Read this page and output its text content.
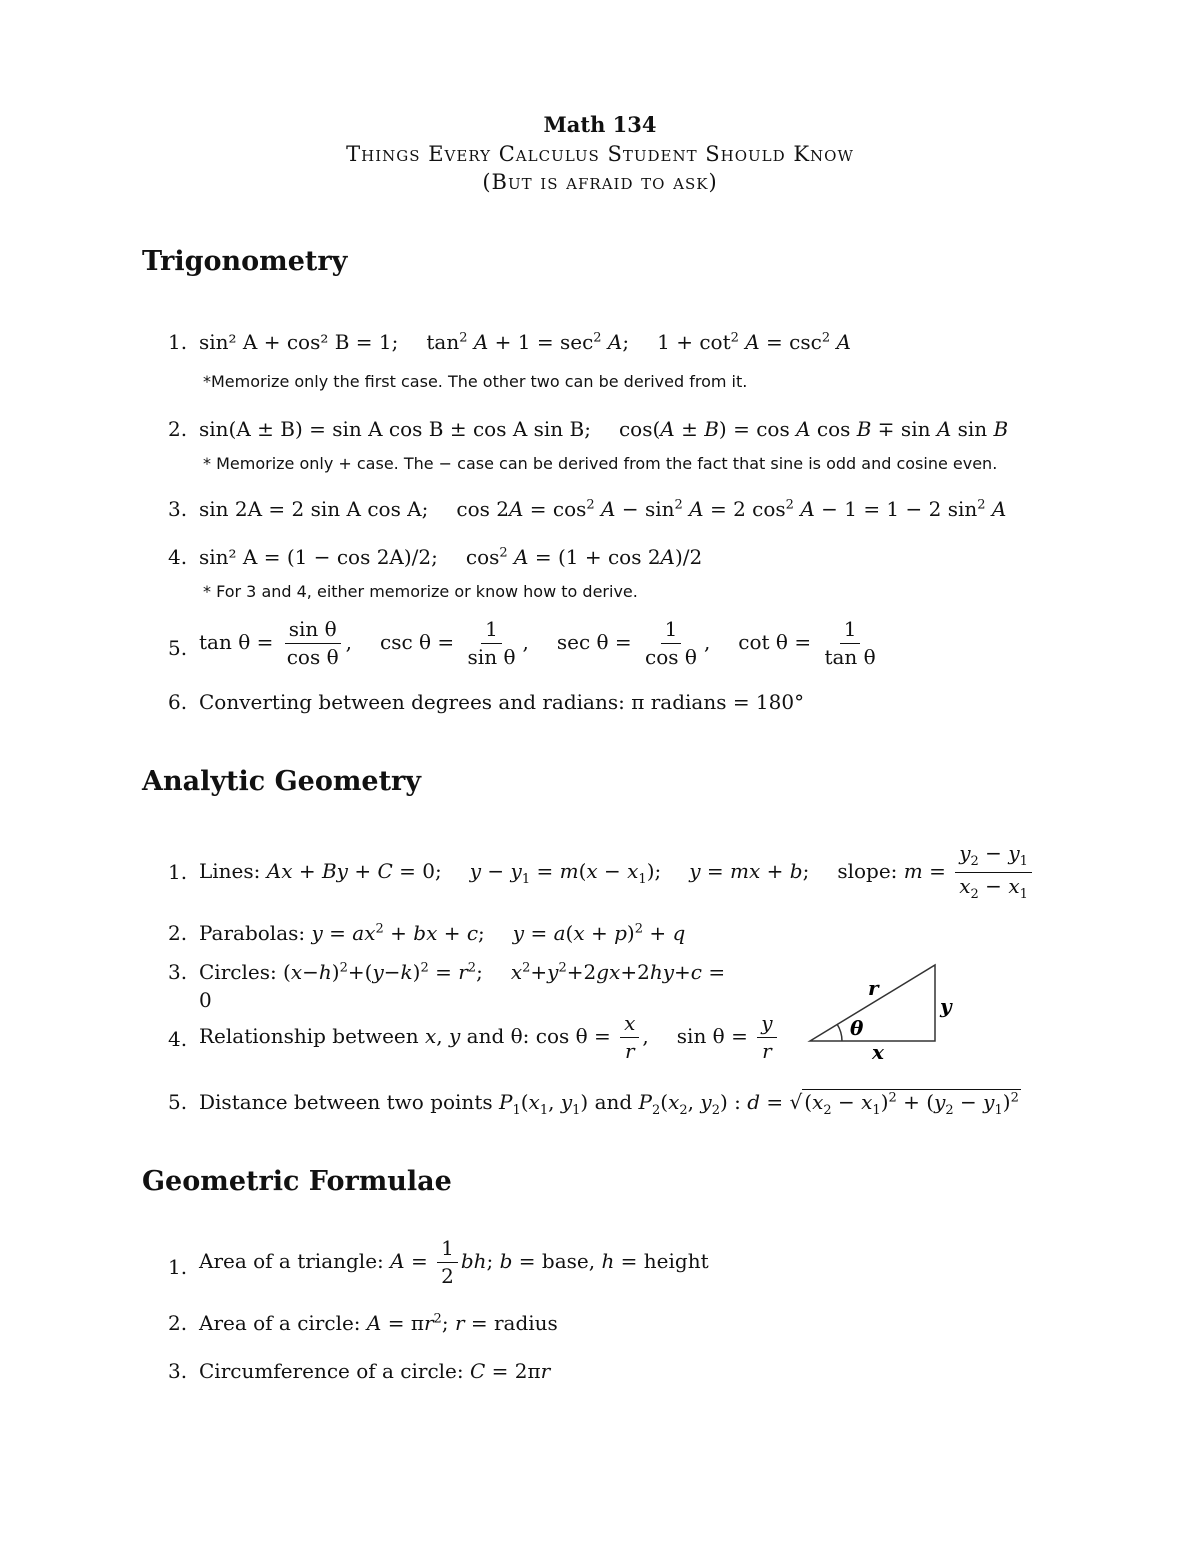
Math 134
Things Every Calculus Student Should Know
(But is afraid to ask)
Trigonometry
1. sin² A + cos² B = 1; $\tan^2 A + 1 = \sec^2 A$; $1 + \cot^2 A = \csc^2 A$
*Memorize only the first case. The other two can be derived from it.
2. sin(A ± B) = sin A cos B ± cos A sin B; cos(A ± B) = cos A cos B ∓ sin A sin B
* Memorize only + case. The − case can be derived from the fact that sine is odd and cosine even.
3. sin 2A = 2 sin A cos A; $\cos 2A = \cos^2 A - \sin^2 A = 2$ $\cos^2 A - 1 = 1 - 2$ $\sin^2 A$
4. sin² A = (1 − cos 2A)/2; $\cos^2 A = (1 + \cos 2A)/2$
* For 3 and 4, either memorize or know how to derive.
5. $\tan \theta = \frac{\text{sin θ}}{\text{cos θ}}$ , $\csc \theta = \frac{1}{\text{sin θ}}$ , $\sec \theta = \frac{1}{\text{cos θ}}$ , $\cot \theta = \frac{1}{\text{tan θ}}$
6. Converting between degrees and radians: π radians = 180°
Analytic Geometry
1. Lines: Ax + By + C = 0; $y - y_1 = m(x - x_1)$; y = mx + b; slope: $m = \frac{y_2 - y_1}{x_2 - x_1}$
2. Parabolas: $y = ax^2$ + bx + c; $y = a(x + p)^2 + q$
3. Circles: $(x-h)^2+(y-k)^2 = r^2$; $x^2+y^2+2gx+2hy+c$ =
0
4. Relationship between x, y and θ: $\cos \theta = \frac{x}{r}$ , $\sin \theta = \frac{y}{r}$
r
y
x
θ
5. Distance between two points $P_1(x_1$, $y_1$) and $P_2(x_2$, $y_2$) : d = √ $(x_2 - x_1)^2 + (y_2 - y_1)^2$
Geometric Formulae
1. Area of a triangle: $A = \frac{1}{2}$ bh; b = base, h = height
2. Area of a circle: $A = \pi r^2$; r = radius
3. Circumference of a circle: C = 2πr
